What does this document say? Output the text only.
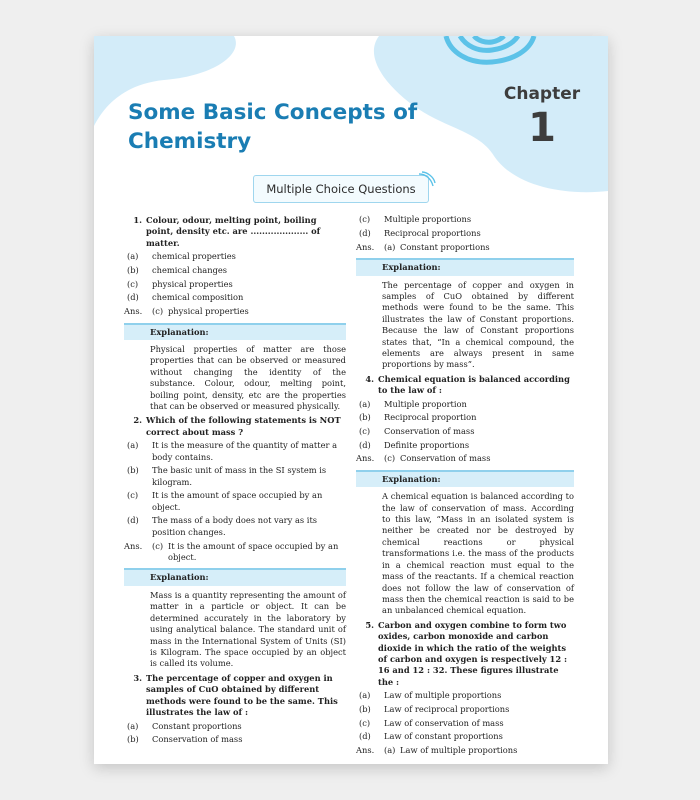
Some Basic Concepts of
Chemistry
Chapter
1
Multiple Choice Questions
1. Colour, odour, melting point, boiling point, density etc. are .................... of matter.
(a)	chemical properties
(b)	chemical changes
(c)	physical properties
(d)	chemical composition
Ans.	(c) physical properties
Explanation:
Physical properties of matter are those properties that can be observed or measured without changing the identity of the substance. Colour, odour, melting point, boiling point, density, etc are the properties that can be observed or measured physically.
2. Which of the following statements is NOT correct about mass ?
(a)	It is the measure of the quantity of matter a body contains.
(b)	The basic unit of mass in the SI system is kilogram.
(c)	It is the amount of space occupied by an object.
(d)	The mass of a body does not vary as its position changes.
Ans.	(c) It is the amount of space occupied by an object.
Explanation:
Mass is a quantity representing the amount of matter in a particle or object. It can be determined accurately in the laboratory by using analytical balance. The standard unit of mass in the International System of Units (SI) is Kilogram. The space occupied by an object is called its volume.
3. The percentage of copper and oxygen in samples of CuO obtained by different methods were found to be the same. This illustrates the law of :
(a)	Constant proportions
(b)	Conservation of mass
(c)	Multiple proportions
(d)	Reciprocal proportions
Ans.	(a) Constant proportions
Explanation:
The percentage of copper and oxygen in samples of CuO obtained by different methods were found to be the same. This illustrates the law of Constant proportions. Because the law of Constant proportions states that, “In a chemical compound, the elements are always present in same proportions by mass”.
4. Chemical equation is balanced according to the law of :
(a)	Multiple proportion
(b)	Reciprocal proportion
(c)	Conservation of mass
(d)	Definite proportions
Ans.	(c) Conservation of mass
Explanation:
A chemical equation is balanced according to the law of conservation of mass. According to this law, “Mass in an isolated system is neither be created nor be destroyed by chemical reactions or physical transformations i.e. the mass of the products in a chemical reaction must equal to the mass of the reactants. If a chemical reaction does not follow the law of conservation of mass then the chemical reaction is said to be an unbalanced chemical equation.
5. Carbon and oxygen combine to form two oxides, carbon monoxide and carbon dioxide in which the ratio of the weights of carbon and oxygen is respectively 12 : 16 and 12 : 32. These figures illustrate the :
(a)	Law of multiple proportions
(b)	Law of reciprocal proportions
(c)	Law of conservation of mass
(d)	Law of constant proportions
Ans.	(a) Law of multiple proportions
